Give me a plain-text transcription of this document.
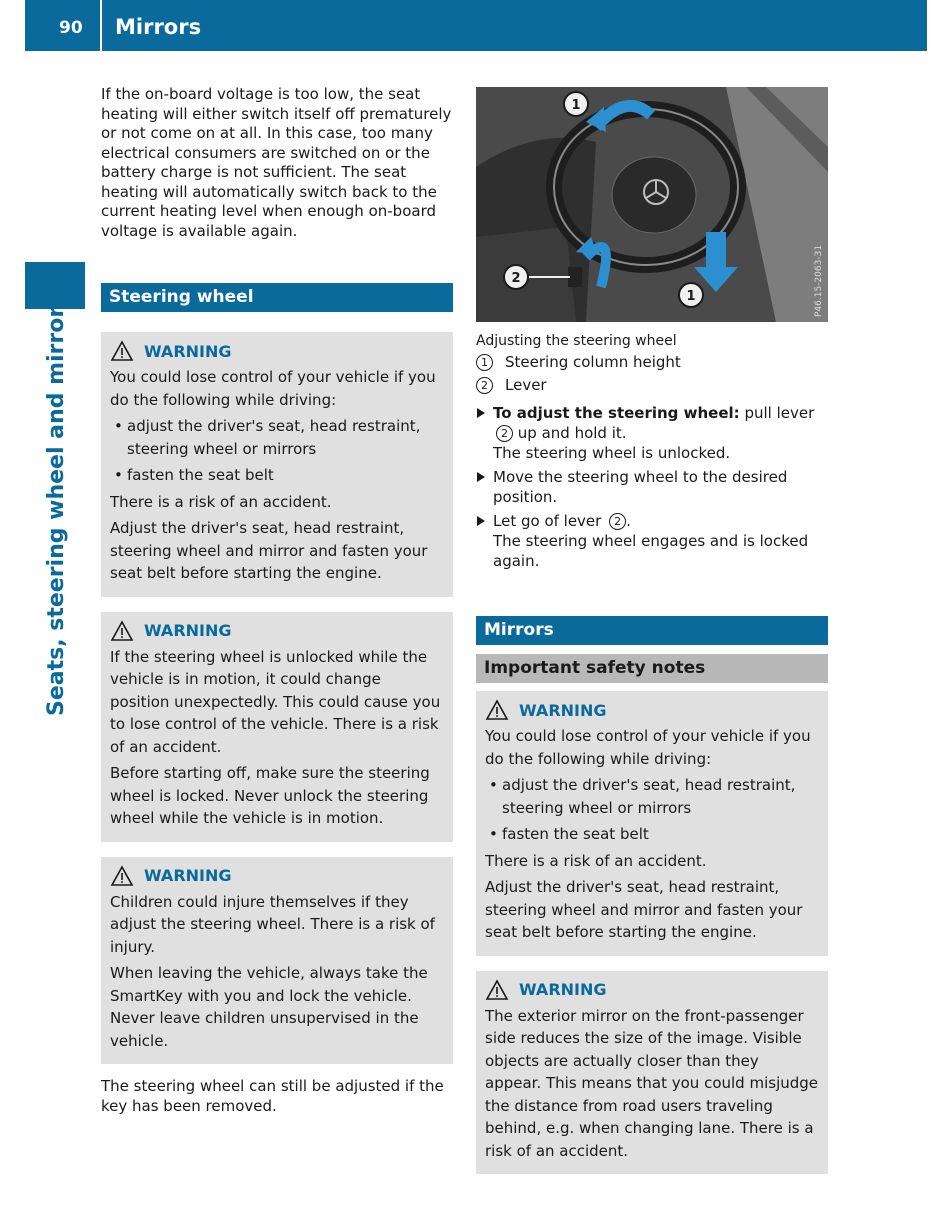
90 Mirrors
Seats, steering wheel and mirrors

If the on-board voltage is too low, the seat heating will either switch itself off prematurely or not come on at all. In this case, too many electrical consumers are switched on or the battery charge is not sufficient. The seat heating will automatically switch back to the current heating level when enough on-board voltage is available again.

Steering wheel
WARNING

You could lose control of your vehicle if you do the following while driving:

• adjust the driver's seat, head restraint, steering wheel or mirrors
• fasten the seat belt

There is a risk of an accident.

Adjust the driver's seat, head restraint, steering wheel and mirror and fasten your seat belt before starting the engine.

WARNING

If the steering wheel is unlocked while the vehicle is in motion, it could change position unexpectedly. This could cause you to lose control of the vehicle. There is a risk of an accident.

Before starting off, make sure the steering wheel is locked. Never unlock the steering wheel while the vehicle is in motion.

WARNING

Children could injure themselves if they adjust the steering wheel. There is a risk of injury.

When leaving the vehicle, always take the SmartKey with you and lock the vehicle. Never leave children unsupervised in the vehicle.

The steering wheel can still be adjusted if the key has been removed.

1
2
1	P46.15-2063-31
Adjusting the steering wheel
1	Steering column height
2	Lever
To adjust the steering wheel: pull lever 2 up and hold it.
The steering wheel is unlocked.
Move the steering wheel to the desired position.
Let go of lever 2 .
The steering wheel engages and is locked again.
Mirrors
Important safety notes
WARNING

You could lose control of your vehicle if you do the following while driving:

• adjust the driver's seat, head restraint, steering wheel or mirrors
• fasten the seat belt

There is a risk of an accident.

Adjust the driver's seat, head restraint, steering wheel and mirror and fasten your seat belt before starting the engine.

WARNING

The exterior mirror on the front-passenger side reduces the size of the image. Visible objects are actually closer than they appear. This means that you could misjudge the distance from road users traveling behind, e.g. when changing lane. There is a risk of an accident.
